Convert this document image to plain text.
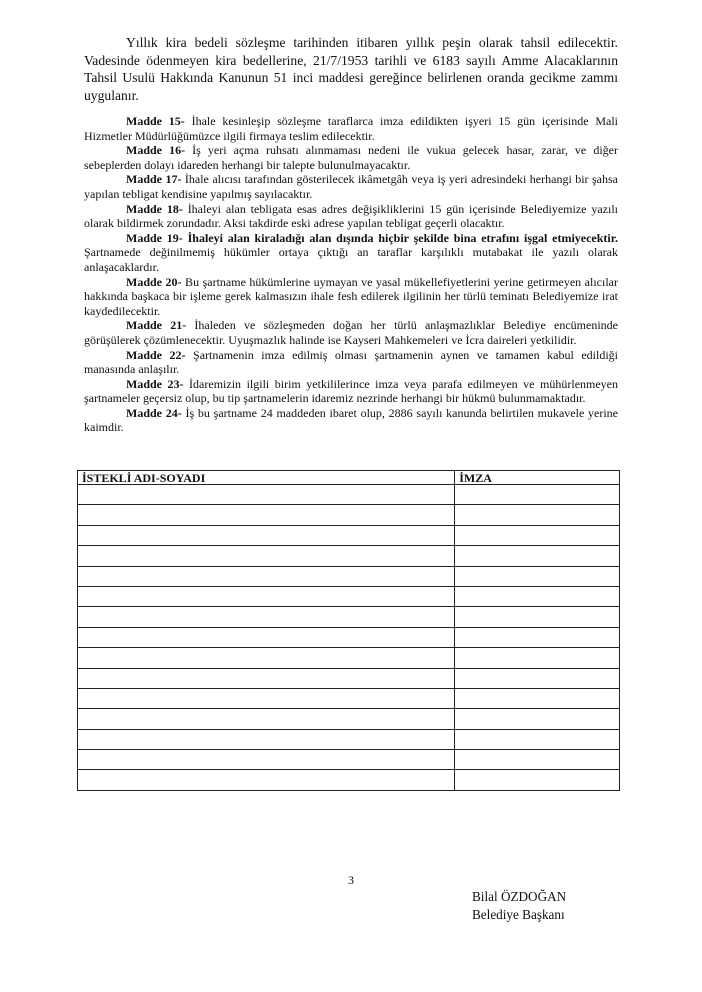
Yıllık kira bedeli sözleşme tarihinden itibaren yıllık peşin olarak tahsil edilecektir. Vadesinde ödenmeyen kira bedellerine, 21/7/1953 tarihli ve 6183 sayılı Amme Alacaklarının Tahsil Usulü Hakkında Kanunun 51 inci maddesi gereğince belirlenen oranda gecikme zammı uygulanır.

Madde 15- İhale kesinleşip sözleşme taraflarca imza edildikten işyeri 15 gün içerisinde Mali Hizmetler Müdürlüğümüzce ilgili firmaya teslim edilecektir.

Madde 16- İş yeri açma ruhsatı alınmaması nedeni ile vukua gelecek hasar, zarar, ve diğer sebeplerden dolayı idareden herhangi bir talepte bulunulmayacaktır.

Madde 17- İhale alıcısı tarafından gösterilecek ikâmetgâh veya iş yeri adresindeki herhangi bir şahsa yapılan tebligat kendisine yapılmış sayılacaktır.

Madde 18- İhaleyi alan tebligata esas adres değişikliklerini 15 gün içerisinde Belediyemize yazılı olarak bildirmek zorundadır. Aksi takdirde eski adrese yapılan tebligat geçerli olacaktır.

Madde 19- İhaleyi alan kiraladığı alan dışında hiçbir şekilde bina etrafını işgal etmiyecektir. Şartnamede değinilmemiş hükümler ortaya çıktığı an taraflar karşılıklı mutabakat ile yazılı olarak anlaşacaklardır.

Madde 20- Bu şartname hükümlerine uymayan ve yasal mükellefiyetlerini yerine getirmeyen alıcılar hakkında başkaca bir işleme gerek kalmasızın ihale fesh edilerek ilgilinin her türlü teminatı Belediyemize irat kaydedilecektir.

Madde 21- İhaleden ve sözleşmeden doğan her türlü anlaşmazlıklar Belediye encümeninde görüşülerek çözümlenecektir. Uyuşmazlık halinde ise Kayseri Mahkemeleri ve İcra daireleri yetkilidir.

Madde 22- Şartnamenin imza edilmiş olması şartnamenin aynen ve tamamen kabul edildiği manasında anlaşılır.

Madde 23- İdaremizin ilgili birim yetkililerince imza veya parafa edilmeyen ve mühürlenmeyen şartnameler geçersiz olup, bu tip şartnamelerin idaremiz nezrinde herhangi bir hükmü bulunmamaktadır.

Madde 24- İş bu şartname 24 maddeden ibaret olup, 2886 sayılı kanunda belirtilen mukavele yerine kaimdir.

İSTEKLİ ADI-SOYADI	İMZA

3
Bilal ÖZDOĞAN
Belediye Başkanı
